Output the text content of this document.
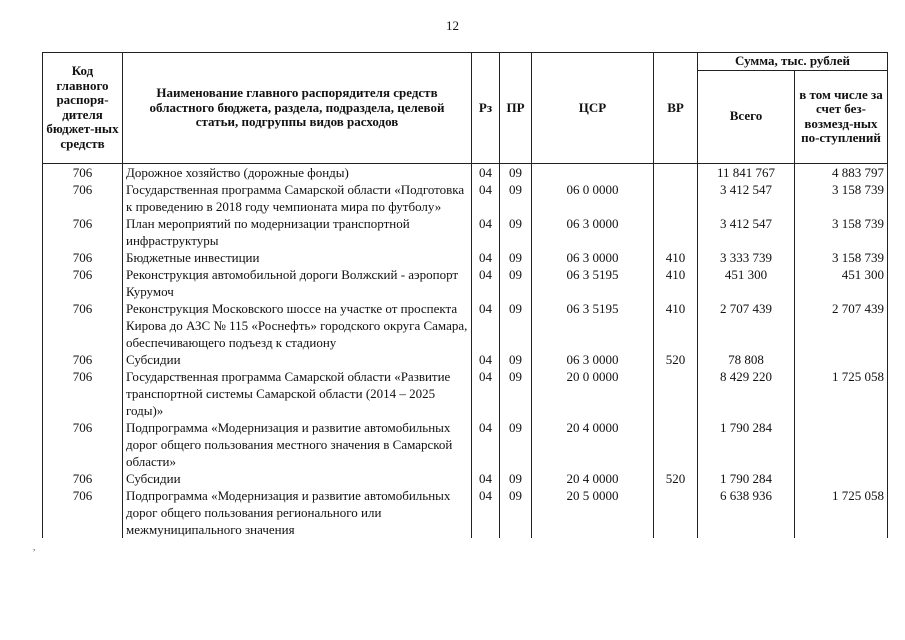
12
Код главного распоря-дителя бюджет-ных средств	Наименование главного распорядителя средств областного бюджета, раздела, подраздела, целевой статьи, подгруппы видов расходов	Рз	ПР	ЦСР	ВР	Сумма, тыс. рублей	
						Всего	в том числе за счет без-возмезд-ных по-ступлений
706	Дорожное хозяйство (дорожные фонды)	04	09			11 841 767	4 883 797
706	Государственная программа Самарской области «Подготовка к проведению в 2018 году чемпионата мира по футболу»	04	09	06 0 0000		3 412 547	3 158 739
706	План мероприятий по модернизации транспортной инфраструктуры	04	09	06 3 0000		3 412 547	3 158 739
706	Бюджетные инвестиции	04	09	06 3 0000	410	3 333 739	3 158 739
706	Реконструкция автомобильной дороги Волжский - аэропорт Курумоч	04	09	06 3 5195	410	451 300	451 300
706	Реконструкция Московского шоссе на участке от проспекта Кирова до АЗС № 115 «Роснефть» городского округа Самара, обеспечивающего подъезд к стадиону	04	09	06 3 5195	410	2 707 439	2 707 439
706	Субсидии	04	09	06 3 0000	520	78 808	
706	Государственная программа Самарской области «Развитие транспортной системы Самарской области (2014 – 2025 годы)»	04	09	20 0 0000		8 429 220	1 725 058
706	Подпрограмма «Модернизация и развитие автомобильных дорог общего пользования местного значения в Самарской области»	04	09	20 4 0000		1 790 284	
706	Субсидии	04	09	20 4 0000	520	1 790 284	
706	Подпрограмма «Модернизация и развитие автомобильных дорог общего пользования регионального или межмуниципального значения	04	09	20 5 0000		6 638 936	1 725 058
,
